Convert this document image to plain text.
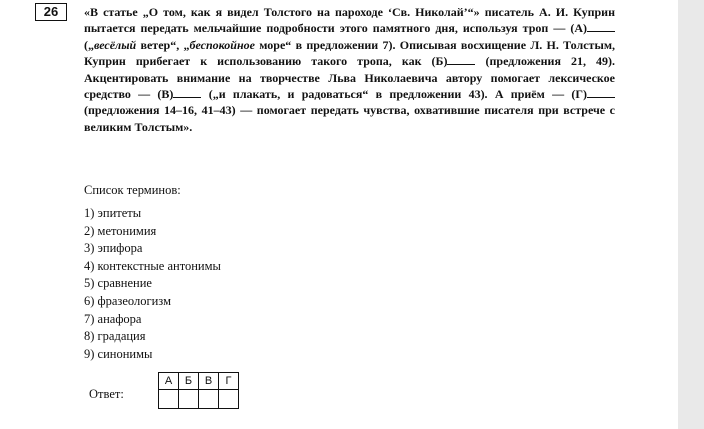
26	«В статье „О том, как я видел Толстого на пароходе ‘Св. Николай’“» писатель А. И. Куприн пытается передать мельчайшие подробности этого памятного дня, используя троп — (А) („весёлый ветер“, „беспокойное море“ в предложении 7). Описывая восхищение Л. Н. Толстым, Куприн прибегает к использованию такого тропа, как (Б) (предложения 21, 49). Акцентировать внимание на творчестве Льва Николаевича автору помогает лексическое средство — (В) („и плакать, и радоваться“ в предложении 43). А приём — (Г) (предложения 14–16, 41–43) — помогает передать чувства, охватившие писателя при встрече с великим Толстым».

Список терминов:
1) эпитеты
2) метонимия
3) эпифора
4) контекстные антонимы
5) сравнение
6) фразеологизм
7) анафора
8) градация
9) синонимы
Ответ:
А	Б	В	Г
